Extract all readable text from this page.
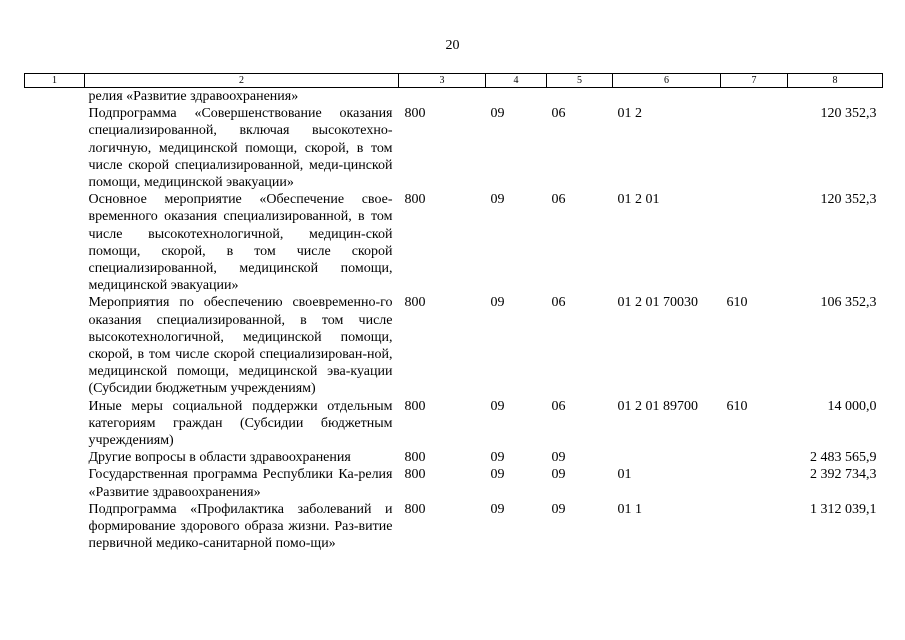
20
1	2	3	4	5	6	7	8
	релия «Развитие здравоохранения»						
	Подпрограмма «Совершенствование оказания специализированной, включая высокотехно-логичную, медицинской помощи, скорой, в том числе скорой специализированной, меди-цинской помощи, медицинской эвакуации»	800	09	06	01 2		120 352,3
	Основное мероприятие «Обеспечение свое-временного оказания специализированной, в том числе высокотехнологичной, медицин-ской помощи, скорой, в том числе скорой специализированной, медицинской помощи, медицинской эвакуации»	800	09	06	01 2 01		120 352,3
	Мероприятия по обеспечению своевременно-го оказания специализированной, в том числе высокотехнологичной, медицинской помощи, скорой, в том числе скорой специализирован-ной, медицинской помощи, медицинской эва-куации (Субсидии бюджетным учреждениям)	800	09	06	01 2 01 70030	610	106 352,3
	Иные меры социальной поддержки отдельным категориям граждан (Субсидии бюджетным учреждениям)	800	09	06	01 2 01 89700	610	14 000,0
	Другие вопросы в области здравоохранения	800	09	09			2 483 565,9
	Государственная программа Республики Ка-релия «Развитие здравоохранения»	800	09	09	01		2 392 734,3
	Подпрограмма «Профилактика заболеваний и формирование здорового образа жизни. Раз-витие первичной медико-санитарной помо-щи»	800	09	09	01 1		1 312 039,1
